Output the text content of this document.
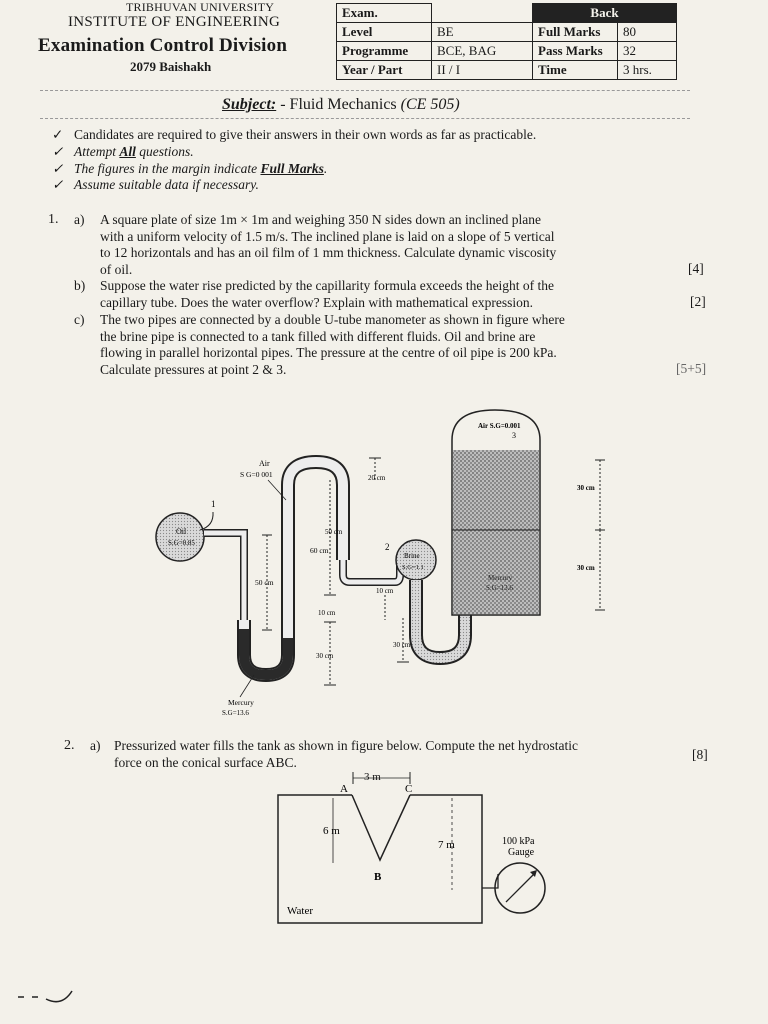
TRIBHUVAN UNIVERSITY
INSTITUTE OF ENGINEERING
Examination Control Division
2079 Baishakh
Exam.		Back	
Level	BE	Full Marks	80
Programme	BCE, BAG	Pass Marks	32
Year / Part	II / I	Time	3 hrs.
Subject: - Fluid Mechanics (CE 505)
✓ Candidates are required to give their answers in their own words as far as practicable.
✓ Attempt All questions.
✓ The figures in the margin indicate Full Marks.
✓ Assume suitable data if necessary.
1. a) A square plate of size 1m × 1m and weighing 350 N sides down an inclined plane
with a uniform velocity of 1.5 m/s. The inclined plane is laid on a slope of 5 vertical
to 12 horizontals and has an oil film of 1 mm thickness. Calculate dynamic viscosity
of oil.	[4]
b) Suppose the water rise predicted by the capillarity formula exceeds the height of the
capillary tube. Does the water overflow? Explain with mathematical expression.	[2]
c) The two pipes are connected by a double U-tube manometer as shown in figure where
the brine pipe is connected to a tank filled with different fluids. Oil and brine are
flowing in parallel horizontal pipes. The pressure at the centre of oil pipe is 200 kPa.
Calculate pressures at point 2 & 3.	[5+5]
Oil
S.G=0.85
1
Brine
S.G=1.1
2
Air S.G=0.001
3
Mercury
S.G=13.6
30 cm
30 cm
Air
S G=0 001
50 cm
60 cm
50 cm
10 cm
30 cm
20 cm
10 cm
30 cm
Mercury
S.G=13.6
2. a) Pressurized water fills the tank as shown in figure below. Compute the net hydrostatic
force on the conical surface ABC.	[8]
A	C
B
3 m
6 m
7 m	100 kPa
Gauge
Water
